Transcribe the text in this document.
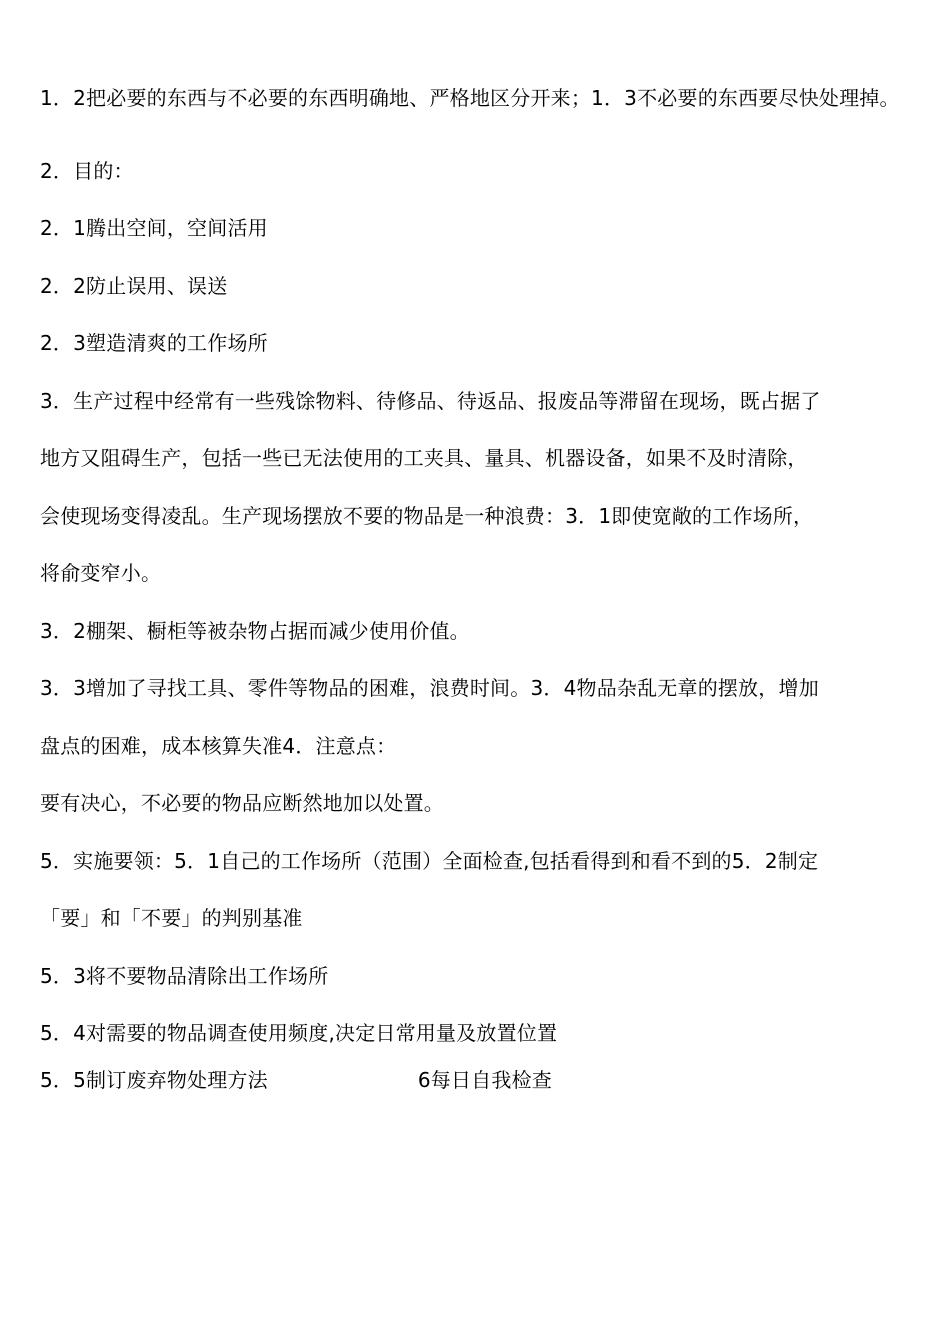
1．2把必要的东西与不必要的东西明确地、严格地区分开来；1．3不必要的东西要尽快处理掉。
2．目的：
2．1腾出空间，空间活用
2．2防止误用、误送
2．3塑造清爽的工作场所
3．生产过程中经常有一些残馀物料、待修品、待返品、报废品等滞留在现场，既占据了
地方又阻碍生产，包括一些已无法使用的工夹具、量具、机器设备，如果不及时清除，
会使现场变得凌乱。生产现场摆放不要的物品是一种浪费：3．1即使宽敞的工作场所，
将俞变窄小。
3．2棚架、橱柜等被杂物占据而减少使用价值。
3．3增加了寻找工具、零件等物品的困难，浪费时间。3．4物品杂乱无章的摆放，增加
盘点的困难，成本核算失准4．注意点：
要有决心，不必要的物品应断然地加以处置。
5．实施要领：5．1自己的工作场所（范围）全面检查,包括看得到和看不到的5．2制定
「要」和「不要」的判别基准
5．3将不要物品清除出工作场所
5．4对需要的物品调查使用频度,决定日常用量及放置位置
5．5制订废弃物处理方法	6每日自我检查
